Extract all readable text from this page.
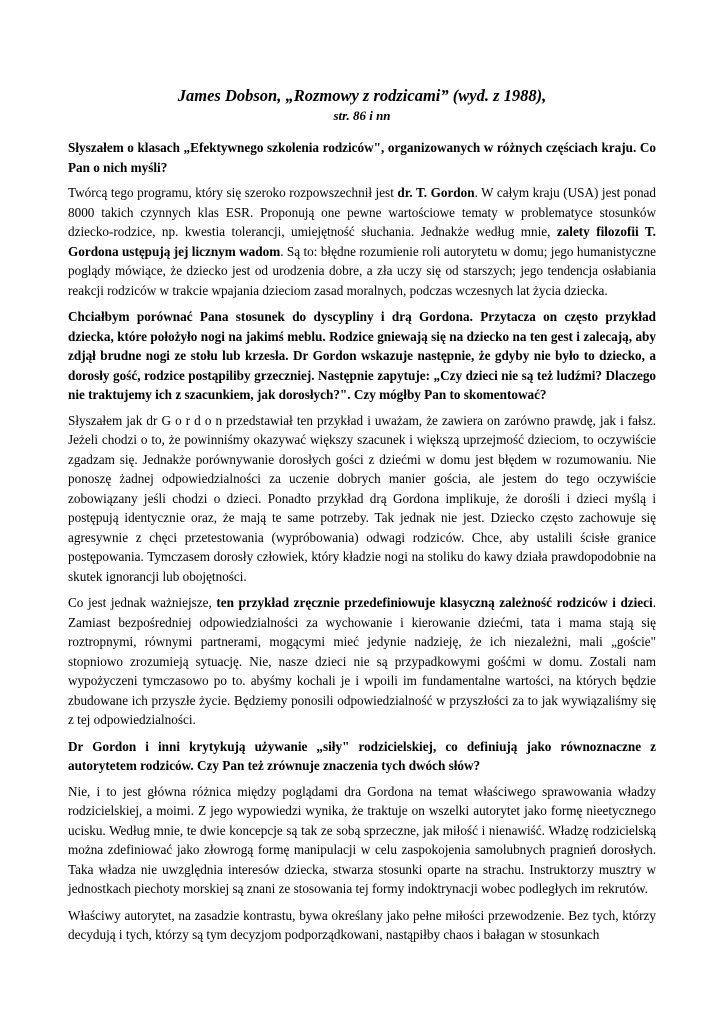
James Dobson, „Rozmowy z rodzicami” (wyd. z 1988),
str. 86 i nn

Słyszałem o klasach „Efektywnego szkolenia rodziców", organizowanych w różnych częściach kraju. Co Pan o nich myśli?

Twórcą tego programu, który się szeroko rozpowszechnił jest dr. T. Gordon. W całym kraju (USA) jest ponad 8000 takich czynnych klas ESR. Proponują one pewne wartościowe tematy w problematyce stosunków dziecko-rodzice, np. kwestia tolerancji, umiejętność słuchania. Jednakże według mnie, zalety filozofii T. Gordona ustępują jej licznym wadom. Są to: błędne rozumienie roli autorytetu w domu; jego humanistyczne poglądy mówiące, że dziecko jest od urodzenia dobre, a zła uczy się od starszych; jego tendencja osłabiania reakcji rodziców w trakcie wpajania dzieciom zasad moralnych, podczas wczesnych lat życia dziecka.

Chciałbym porównać Pana stosunek do dyscypliny i drą Gordona. Przytacza on często przykład dziecka, które położyło nogi na jakimś meblu. Rodzice gniewają się na dziecko na ten gest i zalecają, aby zdjął brudne nogi ze stołu lub krzesła. Dr Gordon wskazuje następnie, że gdyby nie było to dziecko, a dorosły gość, rodzice postąpiliby grzeczniej. Następnie zapytuje: „Czy dzieci nie są też ludźmi? Dlaczego nie traktujemy ich z szacunkiem, jak dorosłych?". Czy mógłby Pan to skomentować?

Słyszałem jak dr G o r d o n przedstawiał ten przykład i uważam, że zawiera on zarówno prawdę, jak i fałsz. Jeżeli chodzi o to, że powinniśmy okazywać większy szacunek i większą uprzejmość dzieciom, to oczywiście zgadzam się. Jednakże porównywanie dorosłych gości z dziećmi w domu jest błędem w rozumowaniu. Nie ponoszę żadnej odpowiedzialności za uczenie dobrych manier gościa, ale jestem do tego oczywiście zobowiązany jeśli chodzi o dzieci. Ponadto przykład drą Gordona implikuje, że dorośli i dzieci myślą i postępują identycznie oraz, że mają te same potrzeby. Tak jednak nie jest. Dziecko często zachowuje się agresywnie z chęci przetestowania (wypróbowania) odwagi rodziców. Chce, aby ustalili ścisłe granice postępowania. Tymczasem dorosły człowiek, który kładzie nogi na stoliku do kawy działa prawdopodobnie na skutek ignorancji lub obojętności.

Co jest jednak ważniejsze, ten przykład zręcznie przedefiniowuje klasyczną zależność rodziców i dzieci. Zamiast bezpośredniej odpowiedzialności za wychowanie i kierowanie dziećmi, tata i mama stają się roztropnymi, równymi partnerami, mogącymi mieć jedynie nadzieję, że ich niezależni, mali „goście" stopniowo zrozumieją sytuację. Nie, nasze dzieci nie są przypadkowymi gośćmi w domu. Zostali nam wypożyczeni tymczasowo po to. abyśmy kochali je i wpoili im fundamentalne wartości, na których będzie zbudowane ich przyszłe życie. Będziemy ponosili odpowiedzialność w przyszłości za to jak wywiązaliśmy się z tej odpowiedzialności.

Dr Gordon i inni krytykują używanie „siły" rodzicielskiej, co definiują jako równoznaczne z autorytetem rodziców. Czy Pan też zrównuje znaczenia tych dwóch słów?

Nie, i to jest główna różnica między poglądami dra Gordona na temat właściwego sprawowania władzy rodzicielskiej, a moimi. Z jego wypowiedzi wynika, że traktuje on wszelki autorytet jako formę nieetycznego ucisku. Według mnie, te dwie koncepcje są tak ze sobą sprzeczne, jak miłość i nienawiść. Władzę rodzicielską można zdefiniować jako złowrogą formę manipulacji w celu zaspokojenia samolubnych pragnień dorosłych. Taka władza nie uwzględnia interesów dziecka, stwarza stosunki oparte na strachu. Instruktorzy musztry w jednostkach piechoty morskiej są znani ze stosowania tej formy indoktrynacji wobec podległych im rekrutów.

Właściwy autorytet, na zasadzie kontrastu, bywa określany jako pełne miłości przewodzenie. Bez tych, którzy decydują i tych, którzy są tym decyzjom podporządkowani, nastąpiłby chaos i bałagan w stosunkach
